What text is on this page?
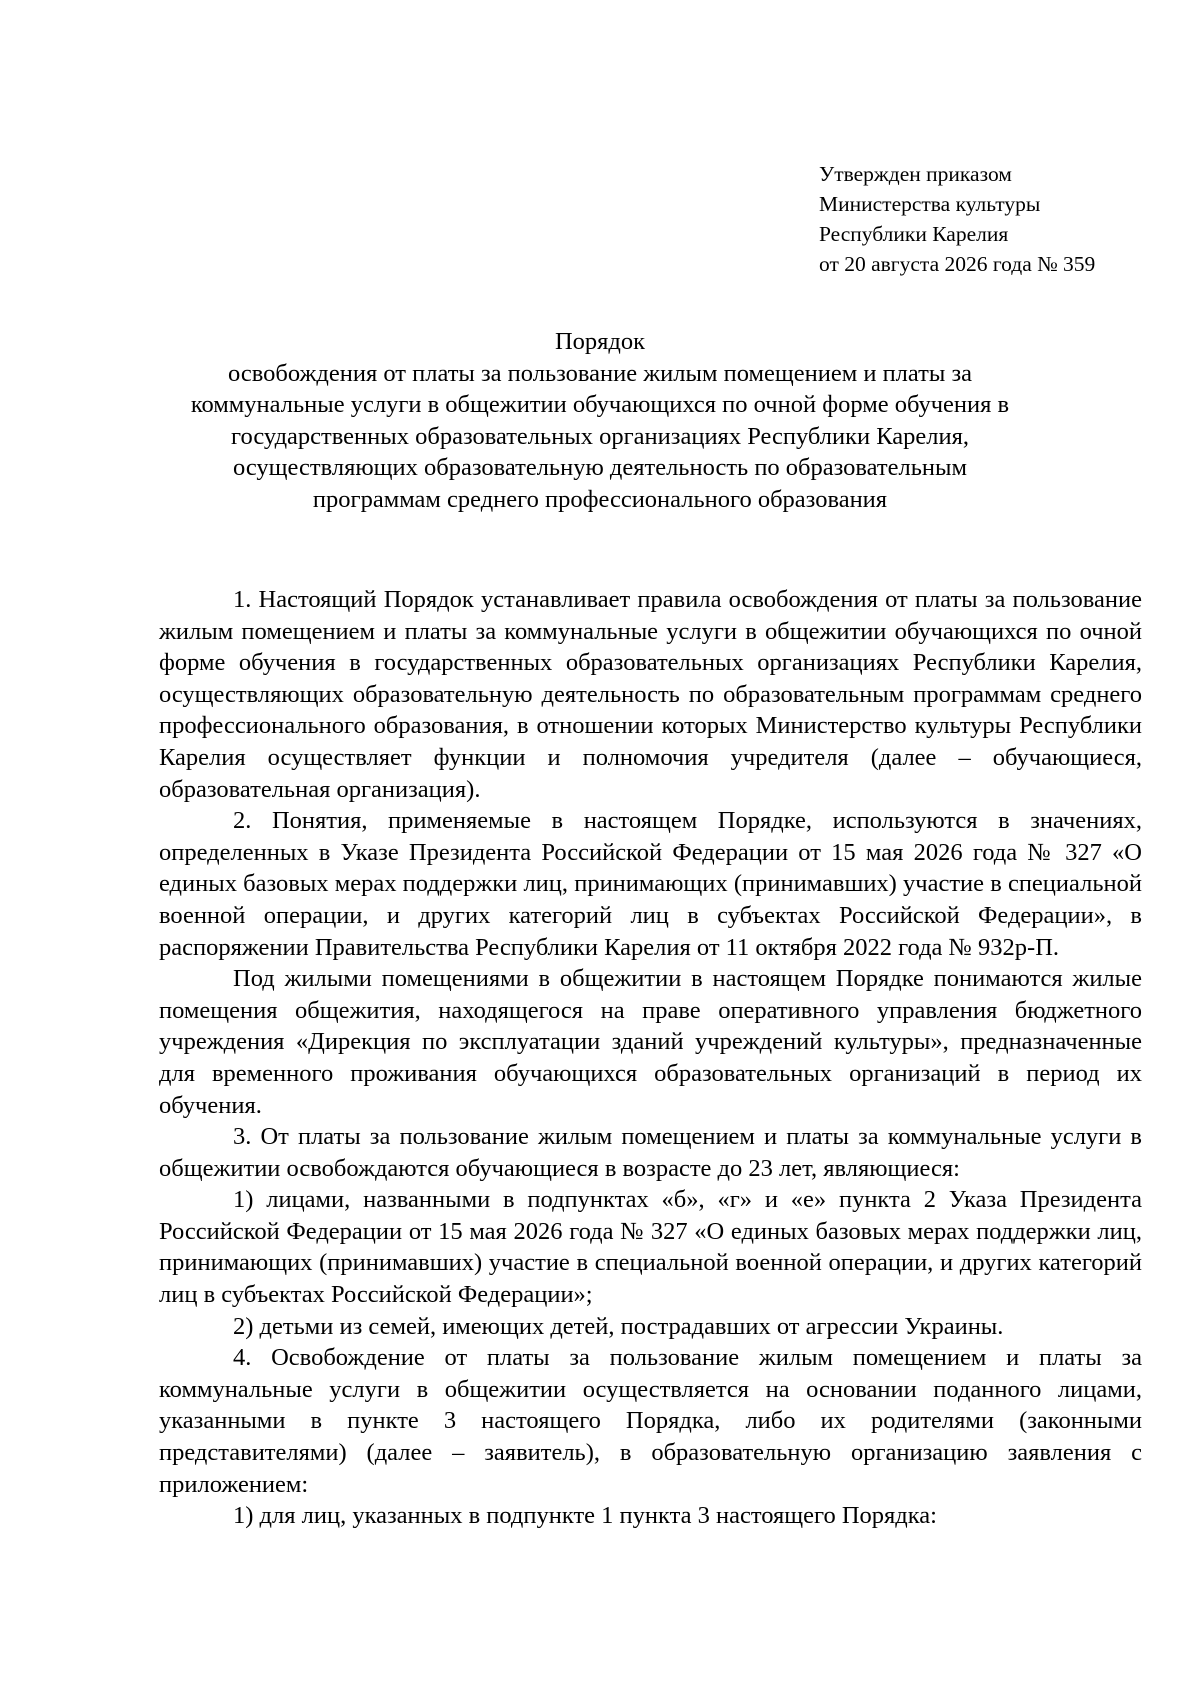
Утвержден приказом
Министерства культуры
Республики Карелия
от 20 августа 2026 года № 359
Порядок
освобождения от платы за пользование жилым помещением и платы за
коммунальные услуги в общежитии обучающихся по очной форме обучения в
государственных образовательных организациях Республики Карелия,
осуществляющих образовательную деятельность по образовательным
программам среднего профессионального образования

1. Настоящий Порядок устанавливает правила освобождения от платы за пользование жилым помещением и платы за коммунальные услуги в общежитии обучающихся по очной форме обучения в государственных образовательных организациях Республики Карелия, осуществляющих образовательную деятельность по образовательным программам среднего профессионального образования, в отношении которых Министерство культуры Республики Карелия осуществляет функции и полномочия учредителя (далее – обучающиеся, образовательная организация).

2. Понятия, применяемые в настоящем Порядке, используются в значениях, определенных в Указе Президента Российской Федерации от 15 мая 2026 года № 327 «О единых базовых мерах поддержки лиц, принимающих (принимавших) участие в специальной военной операции, и других категорий лиц в субъектах Российской Федерации», в распоряжении Правительства Республики Карелия от 11 октября 2022 года № 932р-П.

Под жилыми помещениями в общежитии в настоящем Порядке понимаются жилые помещения общежития, находящегося на праве оперативного управления бюджетного учреждения «Дирекция по эксплуатации зданий учреждений культуры», предназначенные для временного проживания обучающихся образовательных организаций в период их обучения.

3. От платы за пользование жилым помещением и платы за коммунальные услуги в общежитии освобождаются обучающиеся в возрасте до 23 лет, являющиеся:

1) лицами, названными в подпунктах «б», «г» и «е» пункта 2 Указа Президента Российской Федерации от 15 мая 2026 года № 327 «О единых базовых мерах поддержки лиц, принимающих (принимавших) участие в специальной военной операции, и других категорий лиц в субъектах Российской Федерации»;

2) детьми из семей, имеющих детей, пострадавших от агрессии Украины.

4. Освобождение от платы за пользование жилым помещением и платы за коммунальные услуги в общежитии осуществляется на основании поданного лицами, указанными в пункте 3 настоящего Порядка, либо их родителями (законными представителями) (далее – заявитель), в образовательную организацию заявления с приложением:

1) для лиц, указанных в подпункте 1 пункта 3 настоящего Порядка:
